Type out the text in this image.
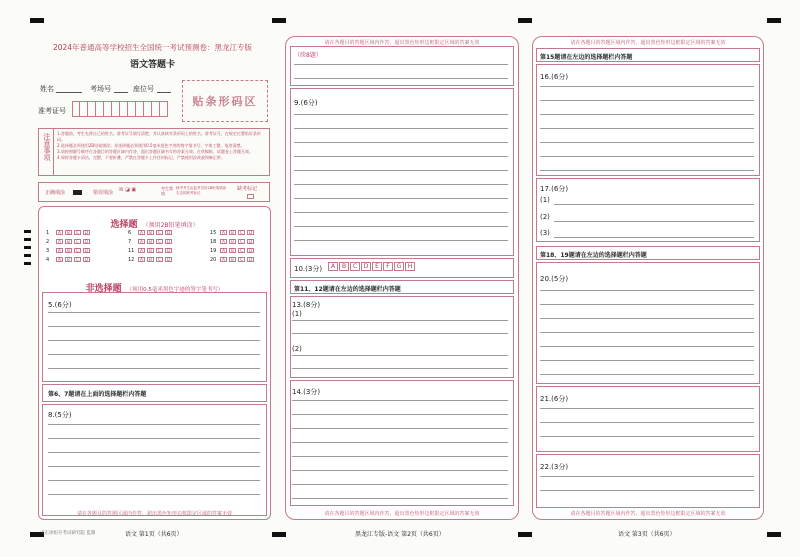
2024年普通高等学校招生全国统一考试预测卷：黑龙江专版
语文答题卡
姓名	考场号	座位号
准考证号
贴条形码区
注意事项 1.答题前，考生先将自己的姓名、准考证号填写清楚，并认真核对条形码上的姓名、准考证号，在规定位置贴好条形码。
2.选择题必须使用2B铅笔填涂；非选择题必须使用0.5毫米黑色字迹的签字笔书写，字体工整、笔迹清楚。
3.请按照题号顺序在各题目的答题区域内作答，超出答题区域书写的答案无效；在草稿纸、试题卷上答题无效。
4.保持答题卡清洁、完整，不要折叠，严禁在答题卡上作任何标记，严禁使用涂改液和修正带。
正确填涂	错误填涂 ☒ ◪ ▣	考生禁填
缺考考生由监考员用2B铅笔填涂右边的缺考标记
缺考标记
选择题 （须用2B铅笔填涂）
1 A B C D
2 A B C D
3 A B C D
4 A B C D
6 A B C D
7 A B C D
11 A B C D
12 A B C D
15 A B C D
18 A B C D
19 A B C D
20 A B C D
非选择题 （须用0.5毫米黑色字迹的签字笔书写）
5.(6分)
第6、7题请在上面的选择题栏内答题
8.(5分)
请在各题目的答题区域内作答，超出黑色矩形边框限定区域的答案无效
天正冰恒升考试研究院 监制	语文 第1页（共6页）
请在各题目的答题区域内作答，超出黑色矩形边框限定区域的答案无效
（续8题）
9.(6分)
10.(3分)	A	B	C	D	E	F	G	H
第11、12题请在左边的选择题栏内答题
13.(8分)
(1)
(2)
14.(3分)
请在各题目的答题区域内作答，超出黑色矩形边框限定区域的答案无效
黑龙江专版-语文 第2页（共6页）
请在各题目的答题区域内作答，超出黑色矩形边框限定区域的答案无效
第15题请在左边的选择题栏内答题
16.(6分)
17.(6分)
(1)
(2)
(3)
第18、19题请在左边的选择题栏内答题
20.(5分)
21.(6分)
22.(3分)
请在各题目的答题区域内作答，超出黑色矩形边框限定区域的答案无效
语文 第3页（共6页）
